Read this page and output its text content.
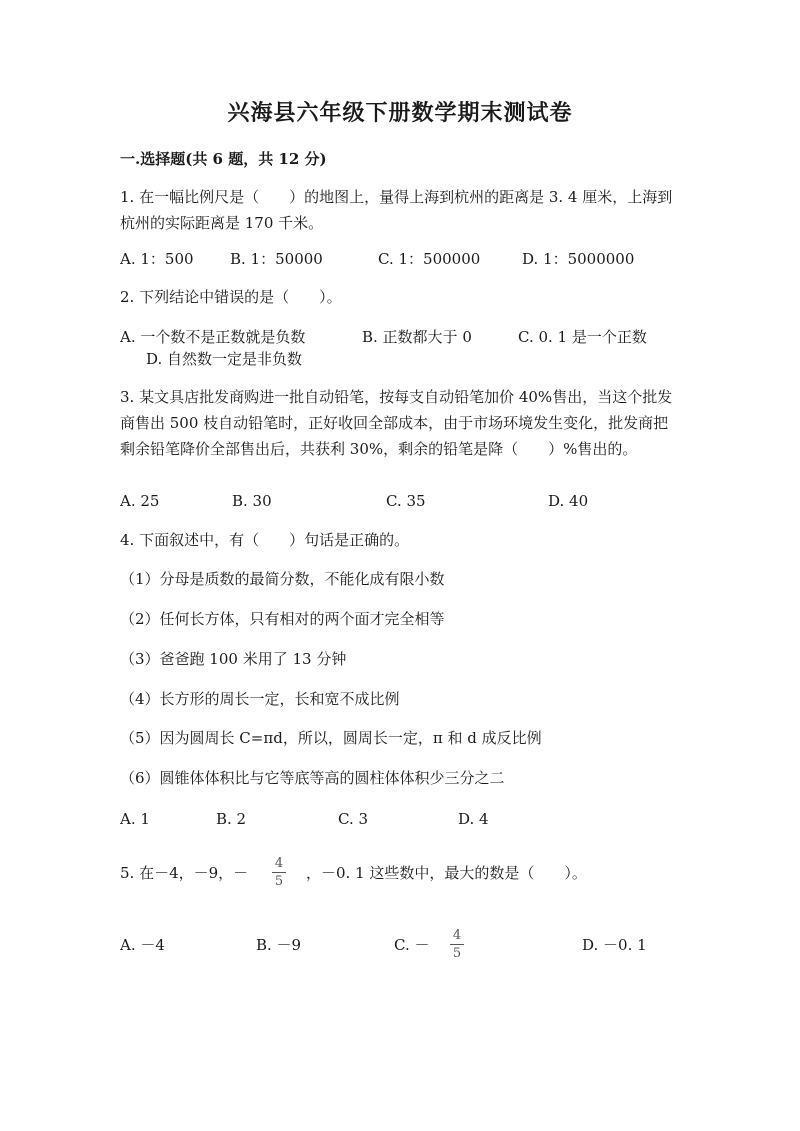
兴海县六年级下册数学期末测试卷
一.选择题(共 6 题，共 12 分)
1. 在一幅比例尺是（　　）的地图上，量得上海到杭州的距离是 3. 4 厘米，上海到杭州的实际距离是 170 千米。
A. 1：500 B. 1：50000	C. 1：500000	D. 1：5000000
2. 下列结论中错误的是（　　）。
A. 一个数不是正数就是负数	B. 正数都大于 0	C. 0. 1 是一个正数
D. 自然数一定是非负数
3. 某文具店批发商购进一批自动铅笔，按每支自动铅笔加价 40%售出，当这个批发商售出 500 枝自动铅笔时，正好收回全部成本，由于市场环境发生变化，批发商把剩余铅笔降价全部售出后，共获利 30%，剩余的铅笔是降（　　）%售出的。
A. 25	B. 30	C. 35	D. 40
4. 下面叙述中，有（　　）句话是正确的。
（1）分母是质数的最简分数，不能化成有限小数
（2）任何长方体，只有相对的两个面才完全相等
（3）爸爸跑 100 米用了 13 分钟
（4）长方形的周长一定，长和宽不成比例
（5）因为圆周长 C=πd，所以，圆周长一定，π 和 d 成反比例
（6）圆锥体体积比与它等底等高的圆柱体体积少三分之二
A. 1	B. 2	C. 3	D. 4
5. 在－4，－9，－
4
5 ，－0. 1 这些数中，最大的数是（　　）。
A. －4	B. －9	C. －
4
5	D. －0. 1
